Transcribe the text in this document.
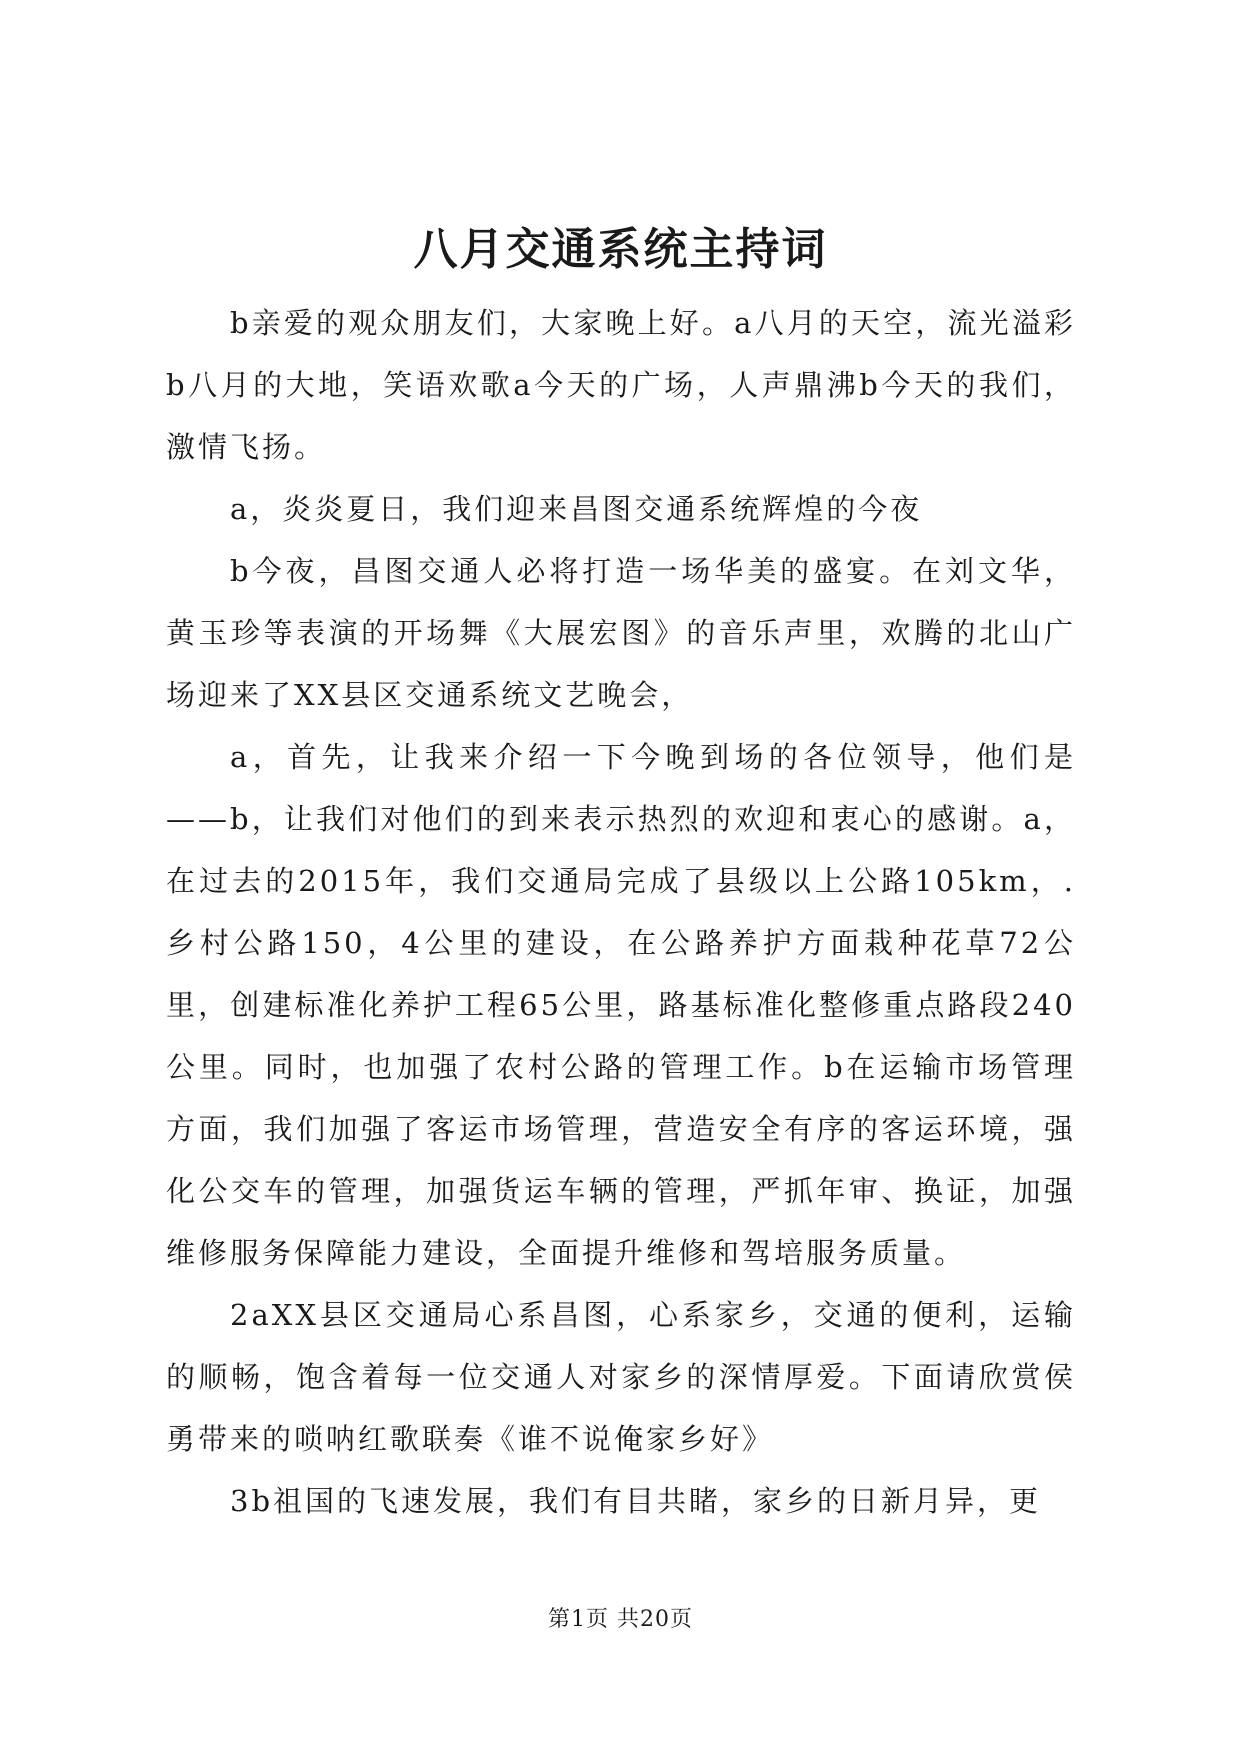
八月交通系统主持词

b亲爱的观众朋友们，大家晚上好。a八月的天空，流光溢彩b八月的大地，笑语欢歌a今天的广场，人声鼎沸b今天的我们，激情飞扬。

a，炎炎夏日，我们迎来昌图交通系统辉煌的今夜

b今夜，昌图交通人必将打造一场华美的盛宴。在刘文华，黄玉珍等表演的开场舞《大展宏图》的音乐声里，欢腾的北山广场迎来了XX县区交通系统文艺晚会，

a，首先，让我来介绍一下今晚到场的各位领导，他们是——b，让我们对他们的到来表示热烈的欢迎和衷心的感谢。a，在过去的2015年，我们交通局完成了县级以上公路105km，.乡村公路150，4公里的建设，在公路养护方面栽种花草72公里，创建标准化养护工程65公里，路基标准化整修重点路段240公里。同时，也加强了农村公路的管理工作。b在运输市场管理方面，我们加强了客运市场管理，营造安全有序的客运环境，强化公交车的管理，加强货运车辆的管理，严抓年审、换证，加强维修服务保障能力建设，全面提升维修和驾培服务质量。

2aXX县区交通局心系昌图，心系家乡，交通的便利，运输的顺畅，饱含着每一位交通人对家乡的深情厚爱。下面请欣赏侯勇带来的唢呐红歌联奏《谁不说俺家乡好》

3b祖国的飞速发展，我们有目共睹，家乡的日新月异，更

第1页 共20页
